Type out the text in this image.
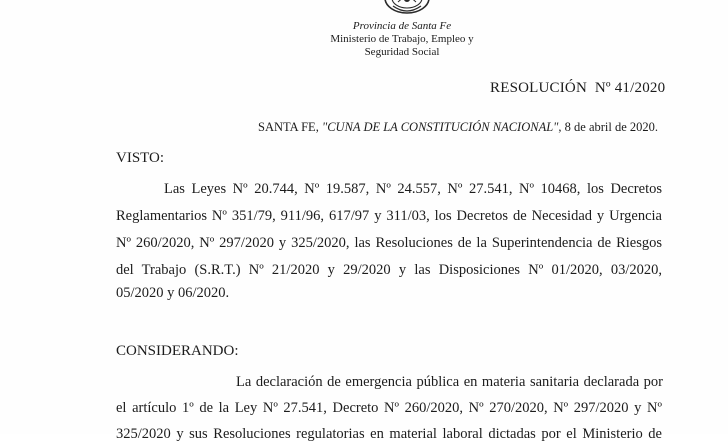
Provincia de Santa Fe
Ministerio de Trabajo, Empleo y
Seguridad Social
RESOLUCIÓN  Nº 41/2020
SANTA FE, "CUNA DE LA CONSTITUCIÓN NACIONAL", 8 de abril de 2020.
VISTO:
Las Leyes Nº 20.744, Nº 19.587, Nº 24.557, Nº 27.541, Nº 10468, los Decretos
Reglamentarios Nº 351/79, 911/96, 617/97 y 311/03, los Decretos de Necesidad y Urgencia
Nº 260/2020, Nº 297/2020 y 325/2020, las Resoluciones de la Superintendencia de Riesgos
del Trabajo (S.R.T.) Nº 21/2020 y 29/2020 y las Disposiciones Nº 01/2020, 03/2020,
05/2020 y 06/2020.
CONSIDERANDO:
La declaración de emergencia pública en materia sanitaria declarada por
el artículo 1º de la Ley Nº 27.541, Decreto Nº 260/2020, Nº 270/2020, Nº 297/2020 y Nº
325/2020 y sus Resoluciones regulatorias en material laboral dictadas por el Ministerio de
